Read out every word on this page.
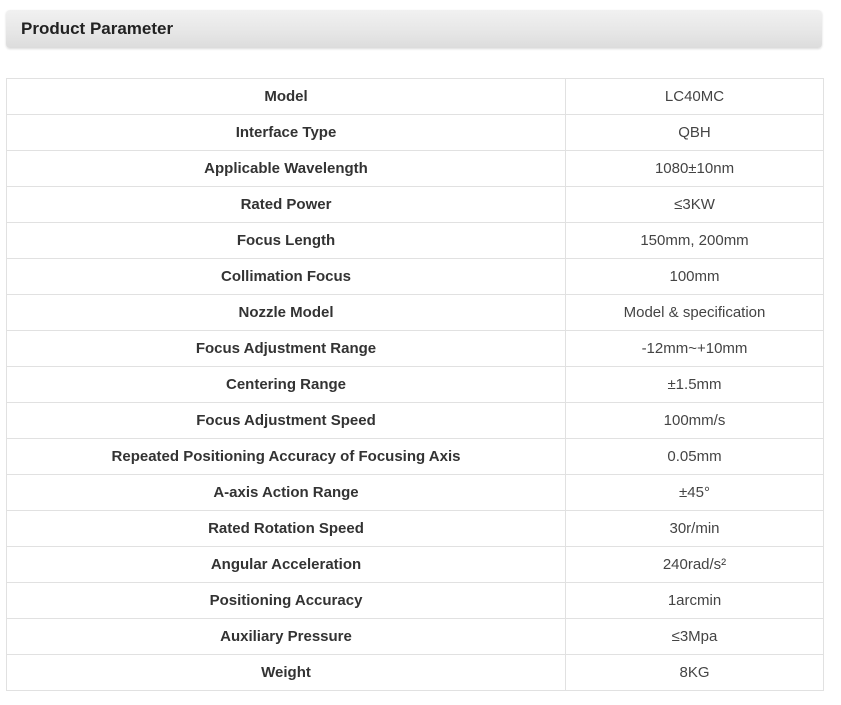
Product Parameter
Model	LC40MC
Interface Type	QBH
Applicable Wavelength	1080±10nm
Rated Power	≤3KW
Focus Length	150mm, 200mm
Collimation Focus	100mm
Nozzle Model	Model & specification
Focus Adjustment Range	-12mm~+10mm
Centering Range	±1.5mm
Focus Adjustment Speed	100mm/s
Repeated Positioning Accuracy of Focusing Axis	0.05mm
A-axis Action Range	±45°
Rated Rotation Speed	30r/min
Angular Acceleration	240rad/s²
Positioning Accuracy	1arcmin
Auxiliary Pressure	≤3Mpa
Weight	8KG
